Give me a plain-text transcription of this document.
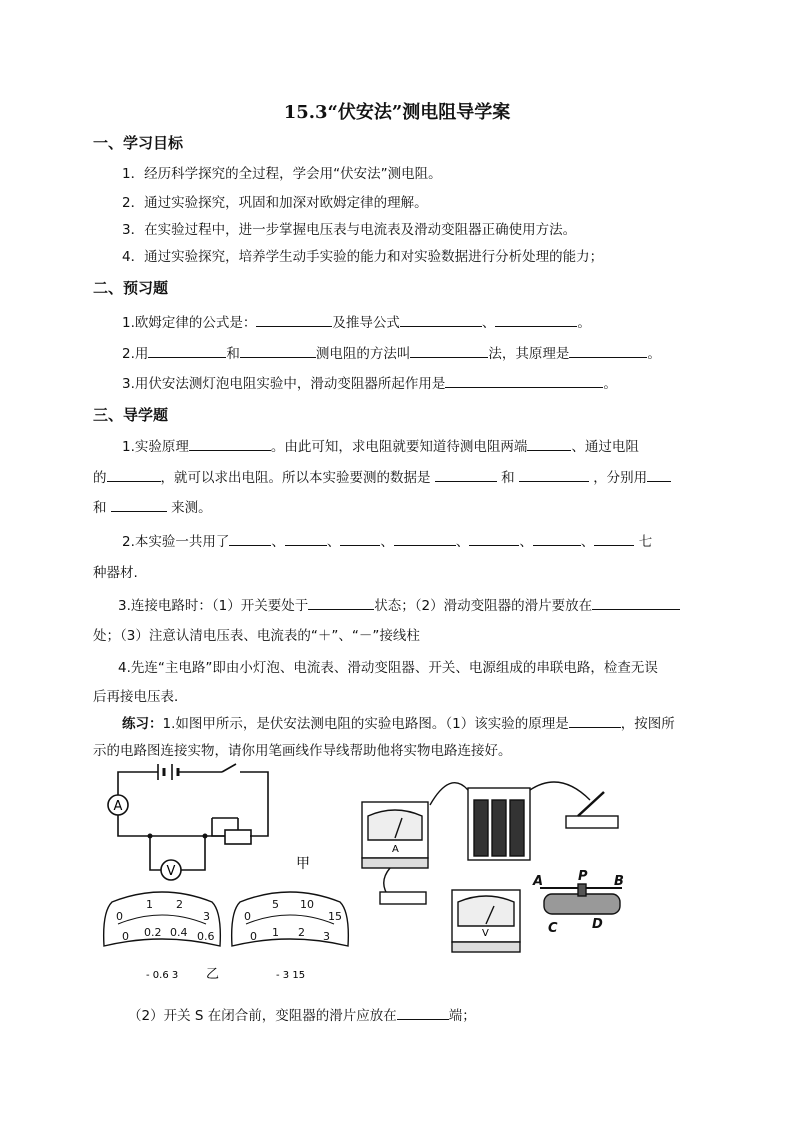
15.3“伏安法”测电阻导学案
一、学习目标
1．经历科学探究的全过程，学会用“伏安法”测电阻。
2．通过实验探究，巩固和加深对欧姆定律的理解。
3．在实验过程中，进一步掌握电压表与电流表及滑动变阻器正确使用方法。
4．通过实验探究，培养学生动手实验的能力和对实验数据进行分析处理的能力；
二、预习题
1.欧姆定律的公式是：	及推导公式	、	。
2.用	和	测电阻的方法叫	法，其原理是	。
3.用伏安法测灯泡电阻实验中，滑动变阻器所起作用是	。
三、导学题
1.实验原理	。由此可知，求电阻就要知道待测电阻两端	、通过电阻
的	，就可以求出电阻。所以本实验要测的数据是	和	，分别用
和	来测。
2.本实验一共用了	、	、	、	、	、	、	七
种器材.
3.连接电路时：（1）开关要处于	状态；（2）滑动变阻器的滑片要放在
处；（3）注意认清电压表、电流表的“＋”、“－”接线柱
4.先连“主电路”即由小灯泡、电流表、滑动变阻器、开关、电源组成的串联电路，检查无误
后再接电压表．
练习：1.如图甲所示，是伏安法测电阻的实验电路图。（1）该实验的原理是	，按图所
示的电路图连接实物，请你用笔画线作导线帮助他将实物电路连接好。
A
V	甲
0
1 2
3
0 0.2 0.4 0.6
- 0.6 3 乙
0
5 10
15
0 1 2 3
- 3 15
A
V
A	P B
C	D
（2）开关 S 在闭合前，变阻器的滑片应放在	端；
